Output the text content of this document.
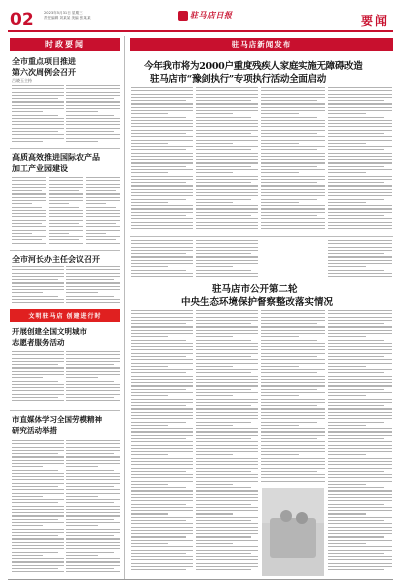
02	2023年5月31日 星期三
责任编辑 刘某某 美编 张某某	驻马店日报	要闻
时政要闻
全市重点项目推进
第六次周例会召开
吕晓玉主持
高质高效推进国际农产品
加工产业园建设
全市河长办主任会议召开
文明驻马店 创建进行时
开展创建全国文明城市
志愿者服务活动
市直媒体学习全国劳模精神
研究活动举措
驻马店新闻发布
今年我市将为2000户重度残疾人家庭实施无障碍改造
驻马店市“豫剑执行”专项执行活动全面启动
驻马店市公开第二轮
中央生态环境保护督察整改落实情况
